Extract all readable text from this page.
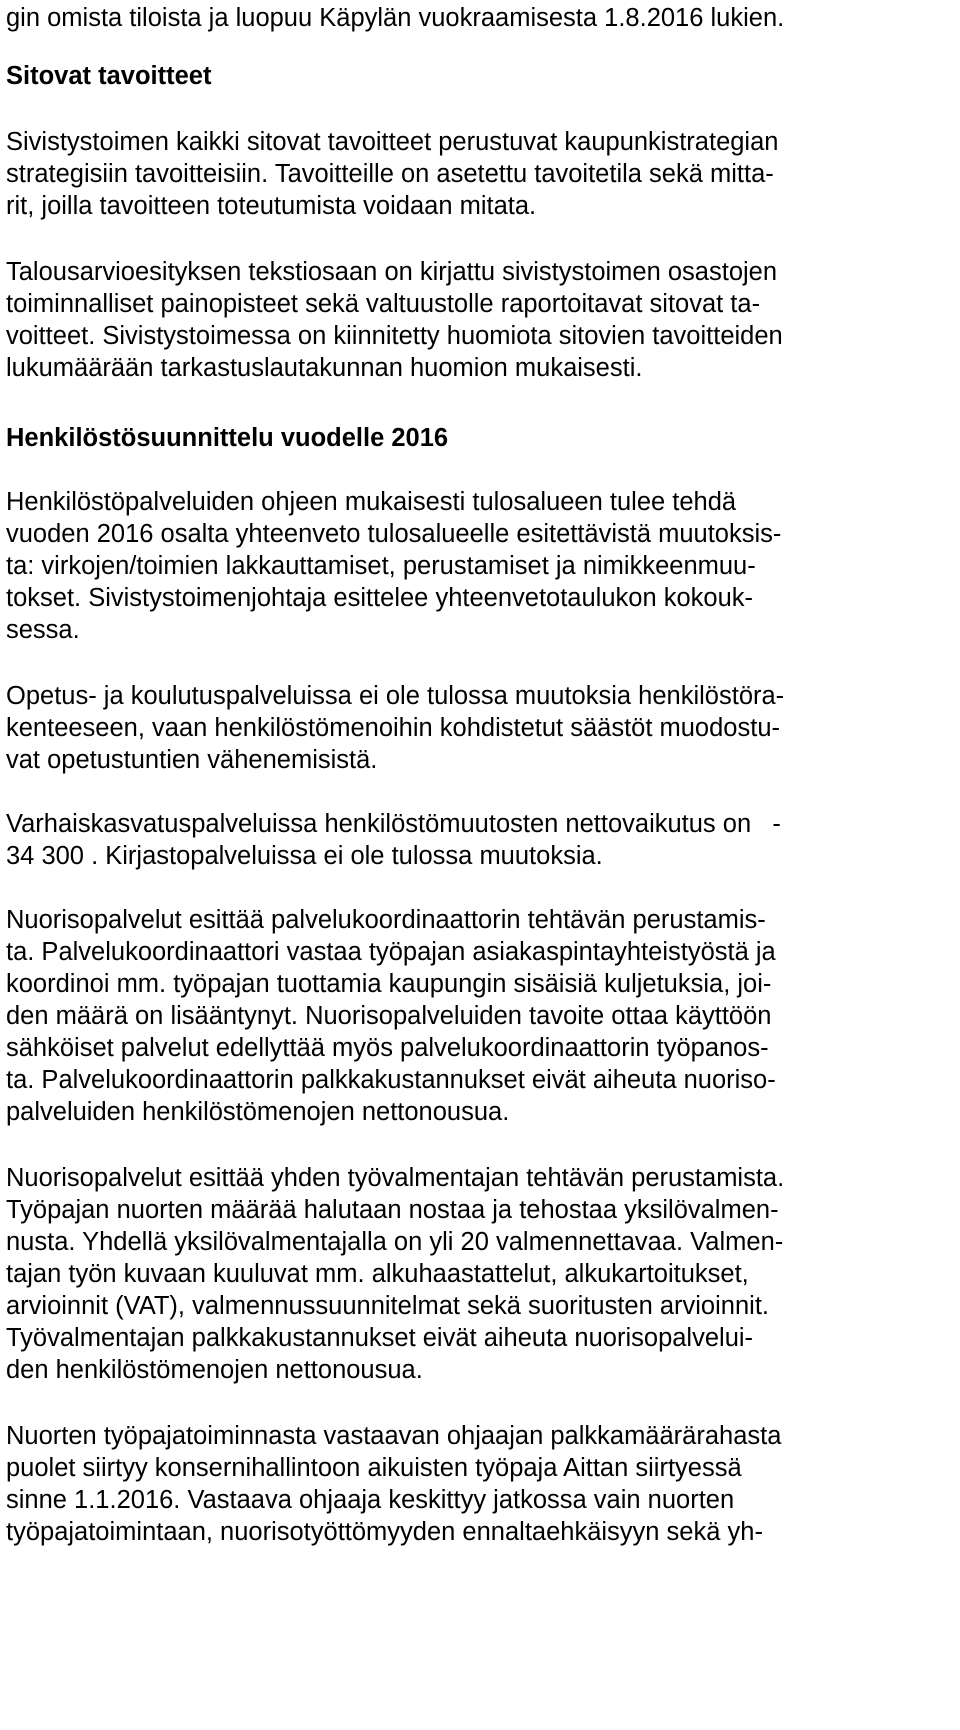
gin omista tiloista ja luopuu Käpylän vuokraamisesta 1.8.2016 lukien.
Sitovat tavoitteet
Sivistystoimen kaikki sitovat tavoitteet perustuvat kaupunkistrategian
strategisiin tavoitteisiin. Tavoitteille on asetettu tavoitetila sekä mitta-
rit, joilla tavoitteen toteutumista voidaan mitata.
Talousarvioesityksen tekstiosaan on kirjattu sivistystoimen osastojen
toiminnalliset painopisteet sekä valtuustolle raportoitavat sitovat ta-
voitteet. Sivistystoimessa on kiinnitetty huomiota sitovien tavoitteiden
lukumäärään tarkastuslautakunnan huomion mukaisesti.
Henkilöstösuunnittelu vuodelle 2016
Henkilöstöpalveluiden ohjeen mukaisesti tulosalueen tulee tehdä
vuoden 2016 osalta yhteenveto tulosalueelle esitettävistä muutoksis-
ta: virkojen/toimien lakkauttamiset, perustamiset ja nimikkeenmuu-
tokset. Sivistystoimenjohtaja esittelee yhteenvetotaulukon kokouk-
sessa.
Opetus- ja koulutuspalveluissa ei ole tulossa muutoksia henkilöstöra-
kenteeseen, vaan henkilöstömenoihin kohdistetut säästöt muodostu-
vat opetustuntien vähenemisistä.
Varhaiskasvatuspalveluissa henkilöstömuutosten nettovaikutus on   -
34 300 . Kirjastopalveluissa ei ole tulossa muutoksia.
Nuorisopalvelut esittää palvelukoordinaattorin tehtävän perustamis-
ta. Palvelukoordinaattori vastaa työpajan asiakaspintayhteistyöstä ja
koordinoi mm. työpajan tuottamia kaupungin sisäisiä kuljetuksia, joi-
den määrä on lisääntynyt. Nuorisopalveluiden tavoite ottaa käyttöön
sähköiset palvelut edellyttää myös palvelukoordinaattorin työpanos-
ta. Palvelukoordinaattorin palkkakustannukset eivät aiheuta nuoriso-
palveluiden henkilöstömenojen nettonousua.
Nuorisopalvelut esittää yhden työvalmentajan tehtävän perustamista.
Työpajan nuorten määrää halutaan nostaa ja tehostaa yksilövalmen-
nusta. Yhdellä yksilövalmentajalla on yli 20 valmennettavaa. Valmen-
tajan työn kuvaan kuuluvat mm. alkuhaastattelut, alkukartoitukset,
arvioinnit (VAT), valmennussuunnitelmat sekä suoritusten arvioinnit.
Työvalmentajan palkkakustannukset eivät aiheuta nuorisopalvelui-
den henkilöstömenojen nettonousua.
Nuorten työpajatoiminnasta vastaavan ohjaajan palkkamäärärahasta
puolet siirtyy konsernihallintoon aikuisten työpaja Aittan siirtyessä
sinne 1.1.2016. Vastaava ohjaaja keskittyy jatkossa vain nuorten
työpajatoimintaan, nuorisotyöttömyyden ennaltaehkäisyyn sekä yh-
